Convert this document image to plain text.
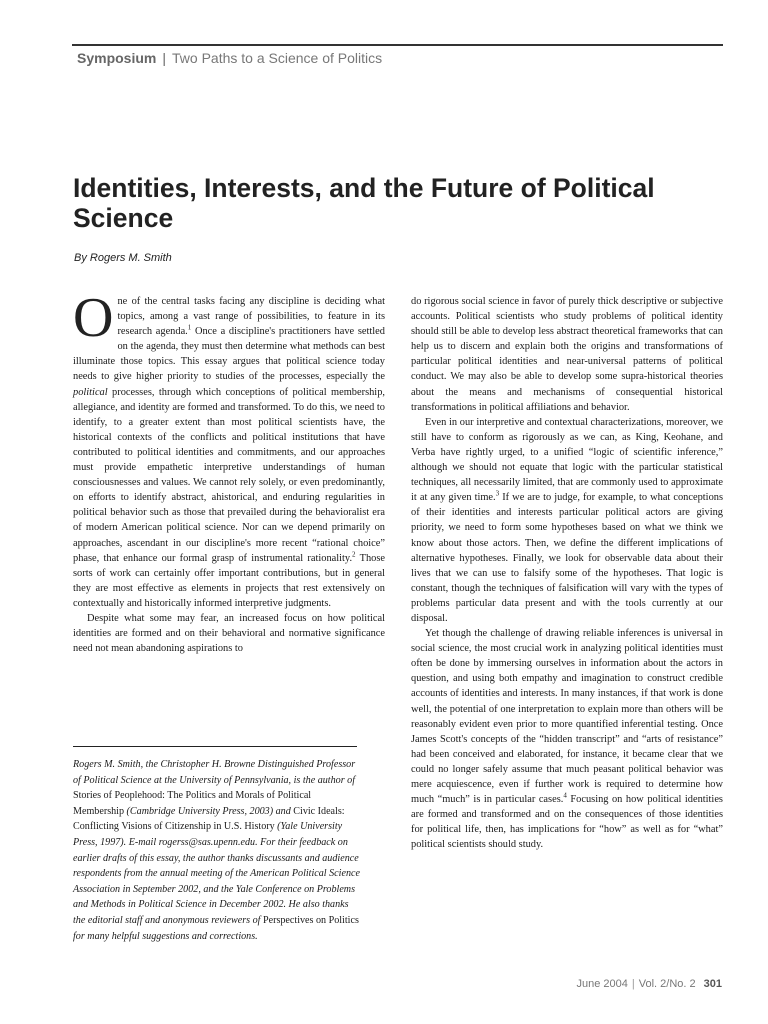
Symposium | Two Paths to a Science of Politics
Identities, Interests, and the Future of Political Science
By Rogers M. Smith

One of the central tasks facing any discipline is deciding what topics, among a vast range of possibilities, to feature in its research agenda.$^1$ Once a discipline's practitioners have settled on the agenda, they must then determine what methods can best illuminate those topics. This essay argues that political science today needs to give higher priority to studies of the processes, especially the political processes, through which conceptions of political membership, allegiance, and identity are formed and transformed. To do this, we need to identify, to a greater extent than most political scientists have, the historical contexts of the conflicts and political institutions that have contributed to political identities and commitments, and our approaches must provide empathetic interpretive understandings of human consciousnesses and values. We cannot rely solely, or even predominantly, on efforts to identify abstract, ahistorical, and enduring regularities in political behavior such as those that prevailed during the behavioralist era of modern American political science. Nor can we depend primarily on approaches, ascendant in our discipline's more recent “rational choice” phase, that enhance our formal grasp of instrumental rationality.$^2$ Those sorts of work can certainly offer important contributions, but in general they are most effective as elements in projects that rest extensively on contextually and historically informed interpretive judgments.

Despite what some may fear, an increased focus on how political identities are formed and on their behavioral and normative significance need not mean abandoning aspirations to

do rigorous social science in favor of purely thick descriptive or subjective accounts. Political scientists who study problems of political identity should still be able to develop less abstract theoretical frameworks that can help us to discern and explain both the origins and transformations of particular political identities and near-universal patterns of political conduct. We may also be able to develop some supra-historical theories about the means and mechanisms of consequential historical transformations in political affiliations and behavior.

Even in our interpretive and contextual characterizations, moreover, we still have to conform as rigorously as we can, as King, Keohane, and Verba have rightly urged, to a unified “logic of scientific inference,” although we should not equate that logic with the particular statistical techniques, all necessarily limited, that are commonly used to approximate it at any given time.$^3$ If we are to judge, for example, to what conceptions of their identities and interests particular political actors are giving priority, we need to form some hypotheses based on what we think we know about those actors. Then, we define the different implications of alternative hypotheses. Finally, we look for observable data about their lives that we can use to falsify some of the hypotheses. That logic is constant, though the techniques of falsification will vary with the types of problems particular data present and with the tools currently at our disposal.

Yet though the challenge of drawing reliable inferences is universal in social science, the most crucial work in analyzing political identities must often be done by immersing ourselves in information about the actors in question, and using both empathy and imagination to construct credible accounts of identities and interests. In many instances, if that work is done well, the potential of one interpretation to explain more than others will be reasonably evident even prior to more quantified inferential testing. Once James Scott's concepts of the “hidden transcript” and “arts of resistance” had been conceived and elaborated, for instance, it became clear that we could no longer safely assume that much peasant political behavior was mere acquiescence, even if further work is required to determine how much “much” is in particular cases.$^4$ Focusing on how political identities are formed and transformed and on the consequences of those identities for political life, then, has implications for “how” as well as for “what” political scientists should study.

Rogers M. Smith, the Christopher H. Browne Distinguished Professor of Political Science at the University of Pennsylvania, is the author of Stories of Peoplehood: The Politics and Morals of Political Membership (Cambridge University Press, 2003) and Civic Ideals: Conflicting Visions of Citizenship in U.S. History (Yale University Press, 1997). E-mail rogerss@sas.upenn.edu. For their feedback on earlier drafts of this essay, the author thanks discussants and audience respondents from the annual meeting of the American Political Science Association in September 2002, and the Yale Conference on Problems and Methods in Political Science in December 2002. He also thanks the editorial staff and anonymous reviewers of Perspectives on Politics for many helpful suggestions and corrections.
June 2004 | Vol. 2/No. 2 301
